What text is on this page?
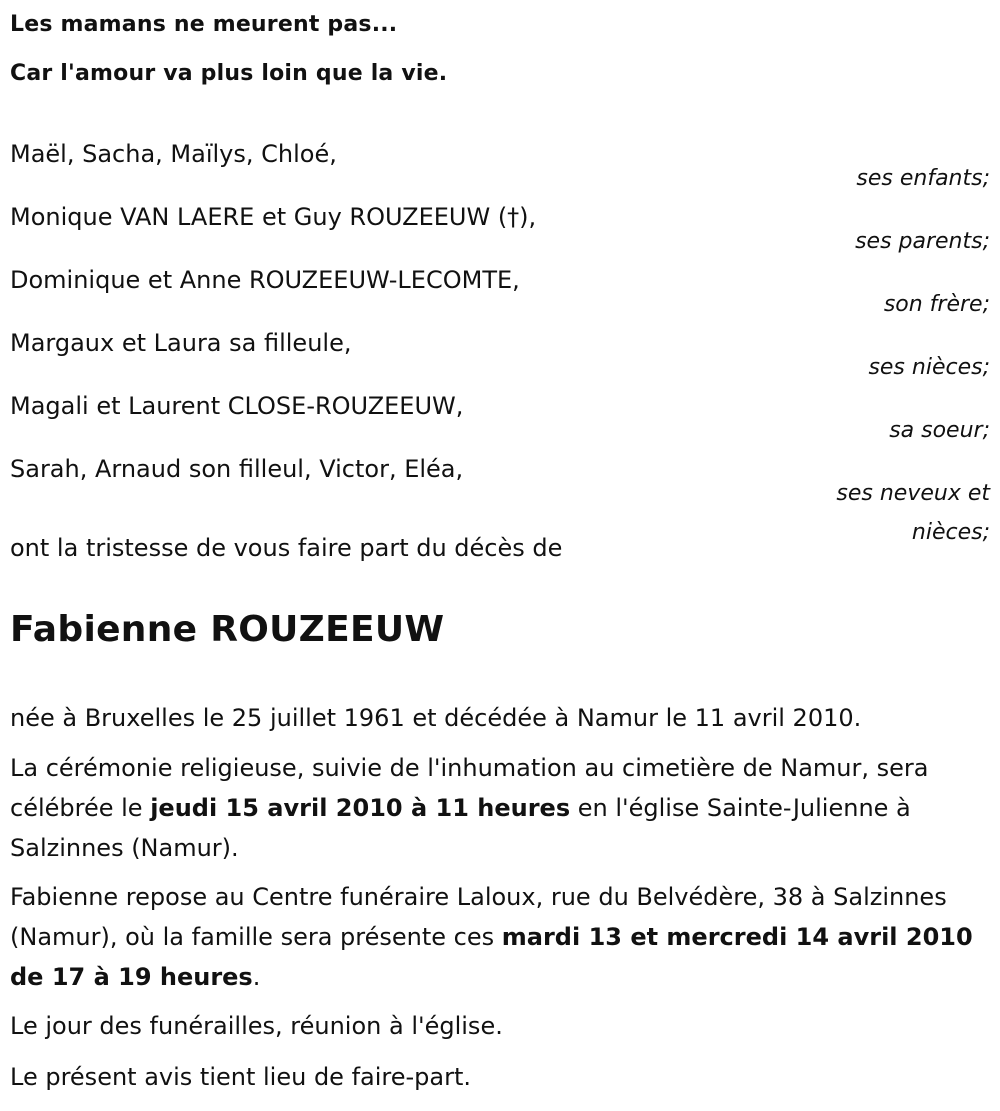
Les mamans ne meurent pas...
Car l'amour va plus loin que la vie.
Maël, Sacha, Maïlys, Chloé,
ses enfants;
Monique VAN LAERE et Guy ROUZEEUW (†),
ses parents;
Dominique et Anne ROUZEEUW-LECOMTE,
son frère;
Margaux et Laura sa filleule,
ses nièces;
Magali et Laurent CLOSE-ROUZEEUW,
sa soeur;
Sarah, Arnaud son filleul, Victor, Eléa,
ses neveux et nièces;
ont la tristesse de vous faire part du décès de
Fabienne ROUZEEUW
née à Bruxelles le 25 juillet 1961 et décédée à Namur le 11 avril 2010.
La cérémonie religieuse, suivie de l'inhumation au cimetière de Namur, sera célébrée le jeudi 15 avril 2010 à 11 heures en l'église Sainte-Julienne à Salzinnes (Namur).
Fabienne repose au Centre funéraire Laloux, rue du Belvédère, 38 à Salzinnes (Namur), où la famille sera présente ces mardi 13 et mercredi 14 avril 2010 de 17 à 19 heures.
Le jour des funérailles, réunion à l'église.
Le présent avis tient lieu de faire-part.
